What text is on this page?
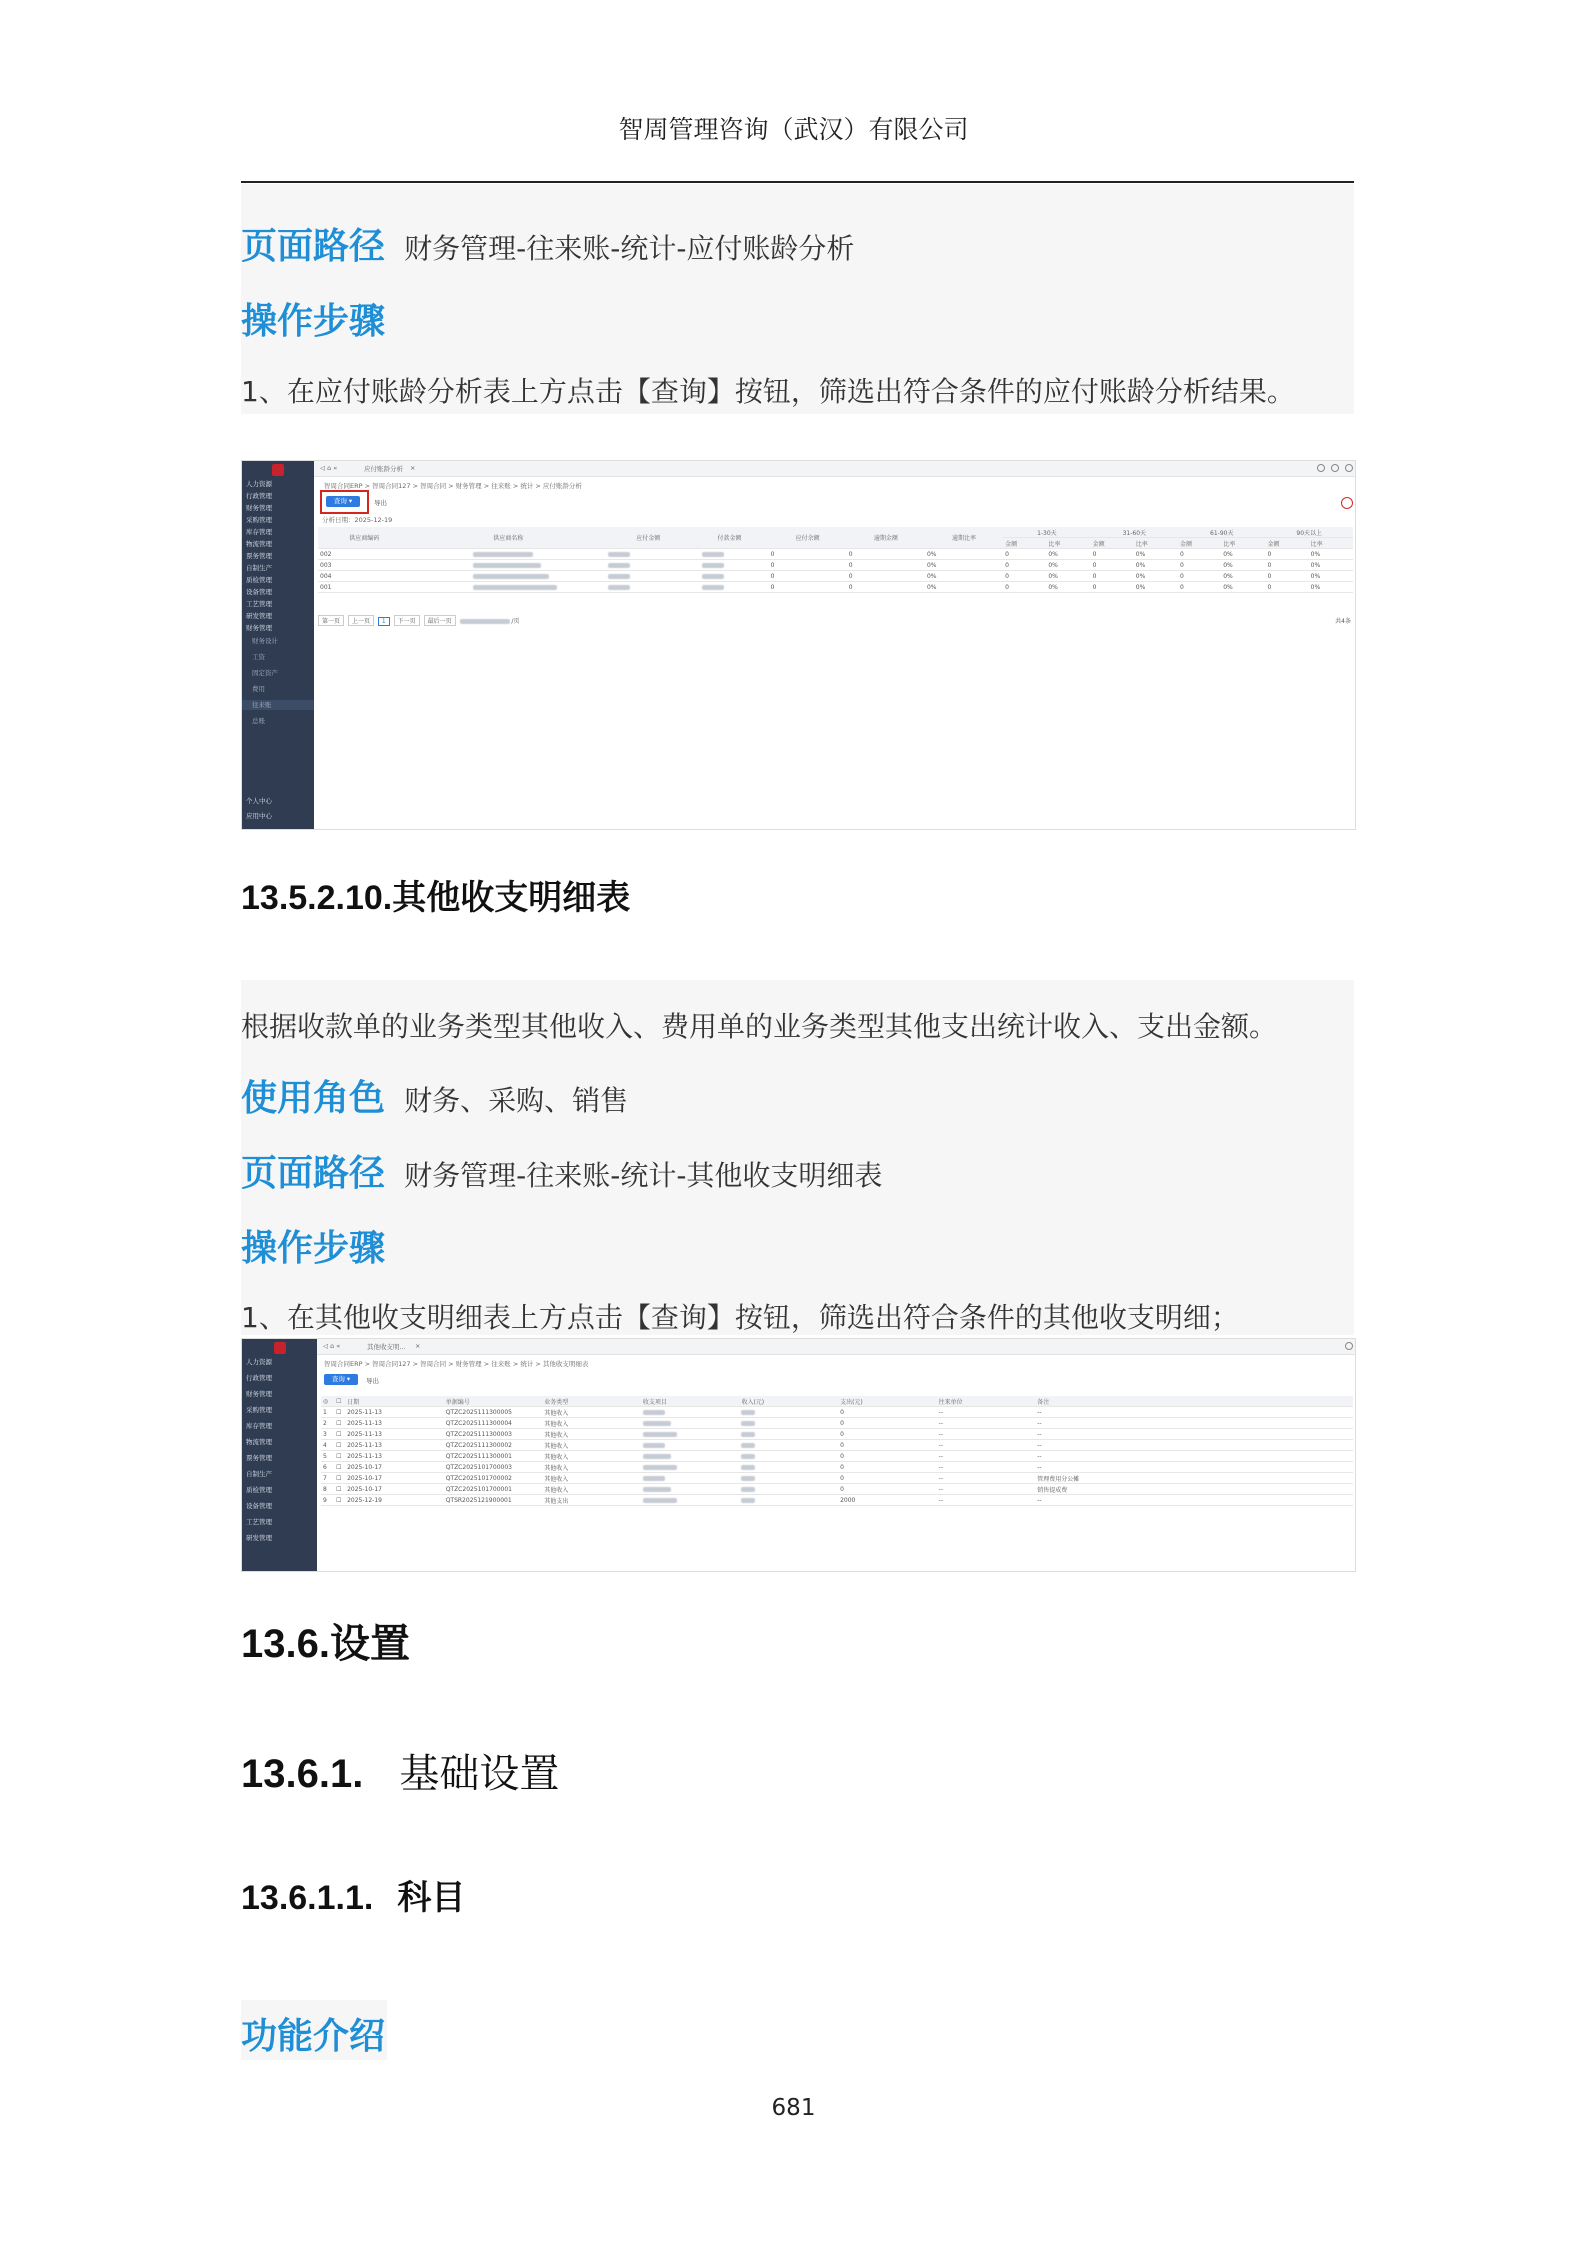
智周管理咨询（武汉）有限公司
页面路径 财务管理-往来账-统计-应付账龄分析
操作步骤
1、在应付账龄分析表上方点击【查询】按钮，筛选出符合条件的应付账龄分析结果。
人力资源
行政管理
财务管理
采购管理
库存管理
物流管理
票务管理
自制生产
质检管理
设备管理
工艺管理
研发管理
财务管理
财务设计
工资
固定资产
费用
往来账
总账
个人中心
应用中心
◁ ⌂ «	应付账龄分析 ×
智周合同ERP > 智周合同127 > 智周合同 > 财务管理 > 往来账 > 统计 > 应付账龄分析
查询 ▾	导出
分析日期：2025-12-19
供应商编码	供应商名称	应付金额	付款金额	应付余额	逾期金额	逾期比率	1-30天		31-60天		61-90天		90天以上	
							金额	比率	金额	比率	金额	比率	金额	比率
002				0	0	0%	0	0%	0	0%	0	0%	0	0%
003				0	0	0%	0	0%	0	0%	0	0%	0	0%
004				0	0	0%	0	0%	0	0%	0	0%	0	0%
001				0	0	0%	0	0%	0	0%	0	0%	0	0%
第一页 上一页 1 下一页 最后一页	/页	共4条
13.5.2.10.其他收支明细表
根据收款单的业务类型其他收入、费用单的业务类型其他支出统计收入、支出金额。
使用角色 财务、采购、销售
页面路径 财务管理-往来账-统计-其他收支明细表
操作步骤
1、在其他收支明细表上方点击【查询】按钮，筛选出符合条件的其他收支明细；
人力资源
行政管理
财务管理
采购管理
库存管理
物流管理
票务管理
自制生产
质检管理
设备管理
工艺管理
研发管理
◁ ⌂ «	其他收支明... ×
智周合同ERP > 智周合同127 > 智周合同 > 财务管理 > 往来账 > 统计 > 其他收支明细表
查询 ▾	导出
◎	☐	日期	单据编号	业务类型	收支项目	收入(元)	支出(元)	往来单位	备注
1	☐	2025-11-13	QTZC2025111300005	其他收入			0	--	--
2	☐	2025-11-13	QTZC2025111300004	其他收入			0	--	--
3	☐	2025-11-13	QTZC2025111300003	其他收入			0	--	--
4	☐	2025-11-13	QTZC2025111300002	其他收入			0	--	--
5	☐	2025-11-13	QTZC2025111300001	其他收入			0	--	--
6	☐	2025-10-17	QTZC2025101700003	其他收入			0	--	--
7	☐	2025-10-17	QTZC2025101700002	其他收入			0	--	管理费用分公摊
8	☐	2025-10-17	QTZC2025101700001	其他收入			0	--	销售提成费
9	☐	2025-12-19	QTSR2025121900001	其他支出			2000	--	--
13.6.设置
13.6.1. 基础设置
13.6.1.1. 科目
功能介绍
681
